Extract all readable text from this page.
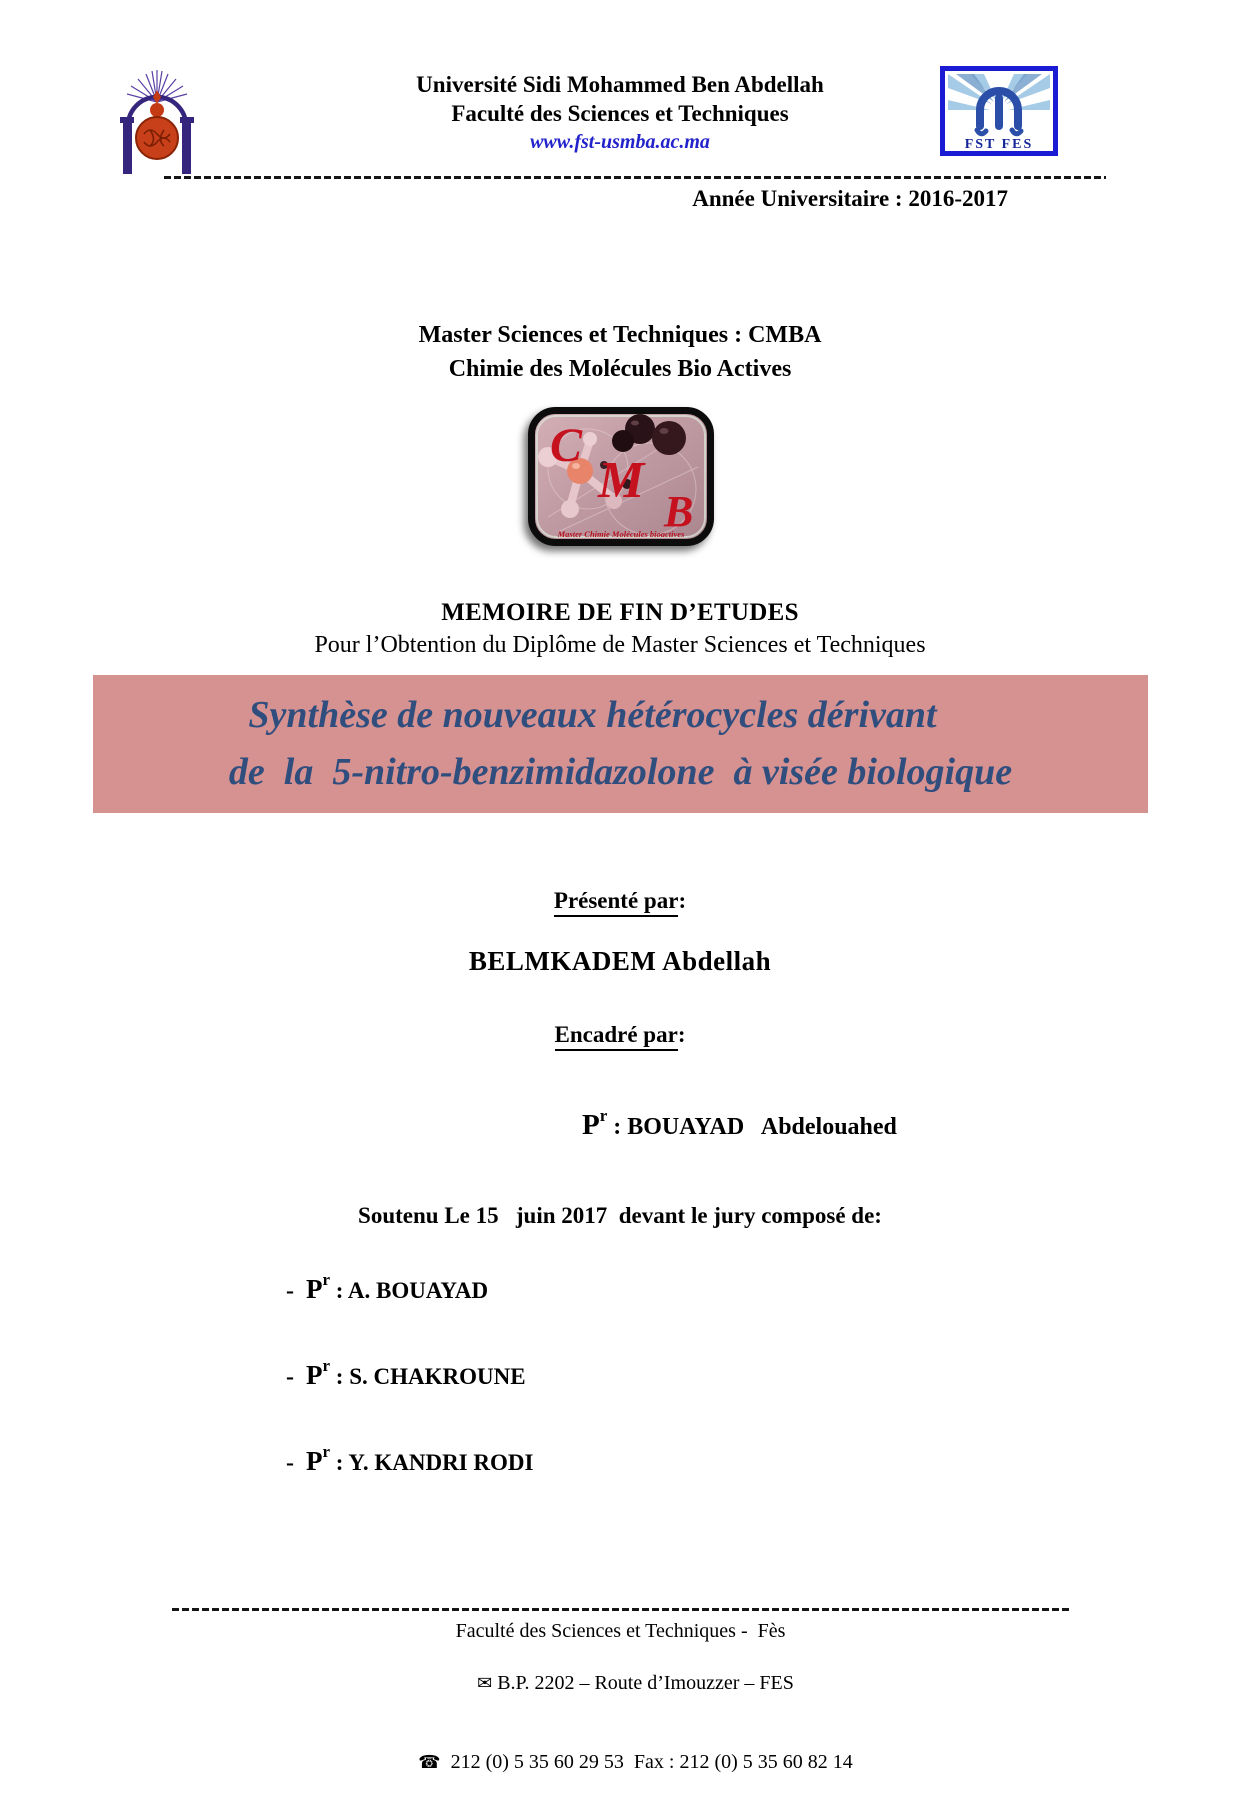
Université Sidi Mohammed Ben Abdellah
Faculté des Sciences et Techniques
www.fst-usmba.ac.ma	FST FES
Année Universitaire : 2016-2017
Master Sciences et Techniques : CMBA
Chimie des Molécules Bio Actives
C
M
B
Master Chimie Molécules bioactives
MEMOIRE DE FIN D’ETUDES
Pour l’Obtention du Diplôme de Master Sciences et Techniques
Synthèse de nouveaux hétérocycles dérivant
de  la  5-nitro-benzimidazolone  à visée biologique
Présenté par:
BELMKADEM Abdellah
Encadré par:

$P^r$ : BOUAYAD   Abdelouahed

Soutenu Le 15   juin 2017  devant le jury composé de:

- $P^r$ : A. BOUAYAD

- $P^r$ : S. CHAKROUNE

- $P^r$ : Y. KANDRI RODI

Faculté des Sciences et Techniques -  Fès

✉ B.P. 2202 – Route d’Imouzzer – FES

☎ 212 (0) 5 35 60 29 53  Fax : 212 (0) 5 35 60 82 14
